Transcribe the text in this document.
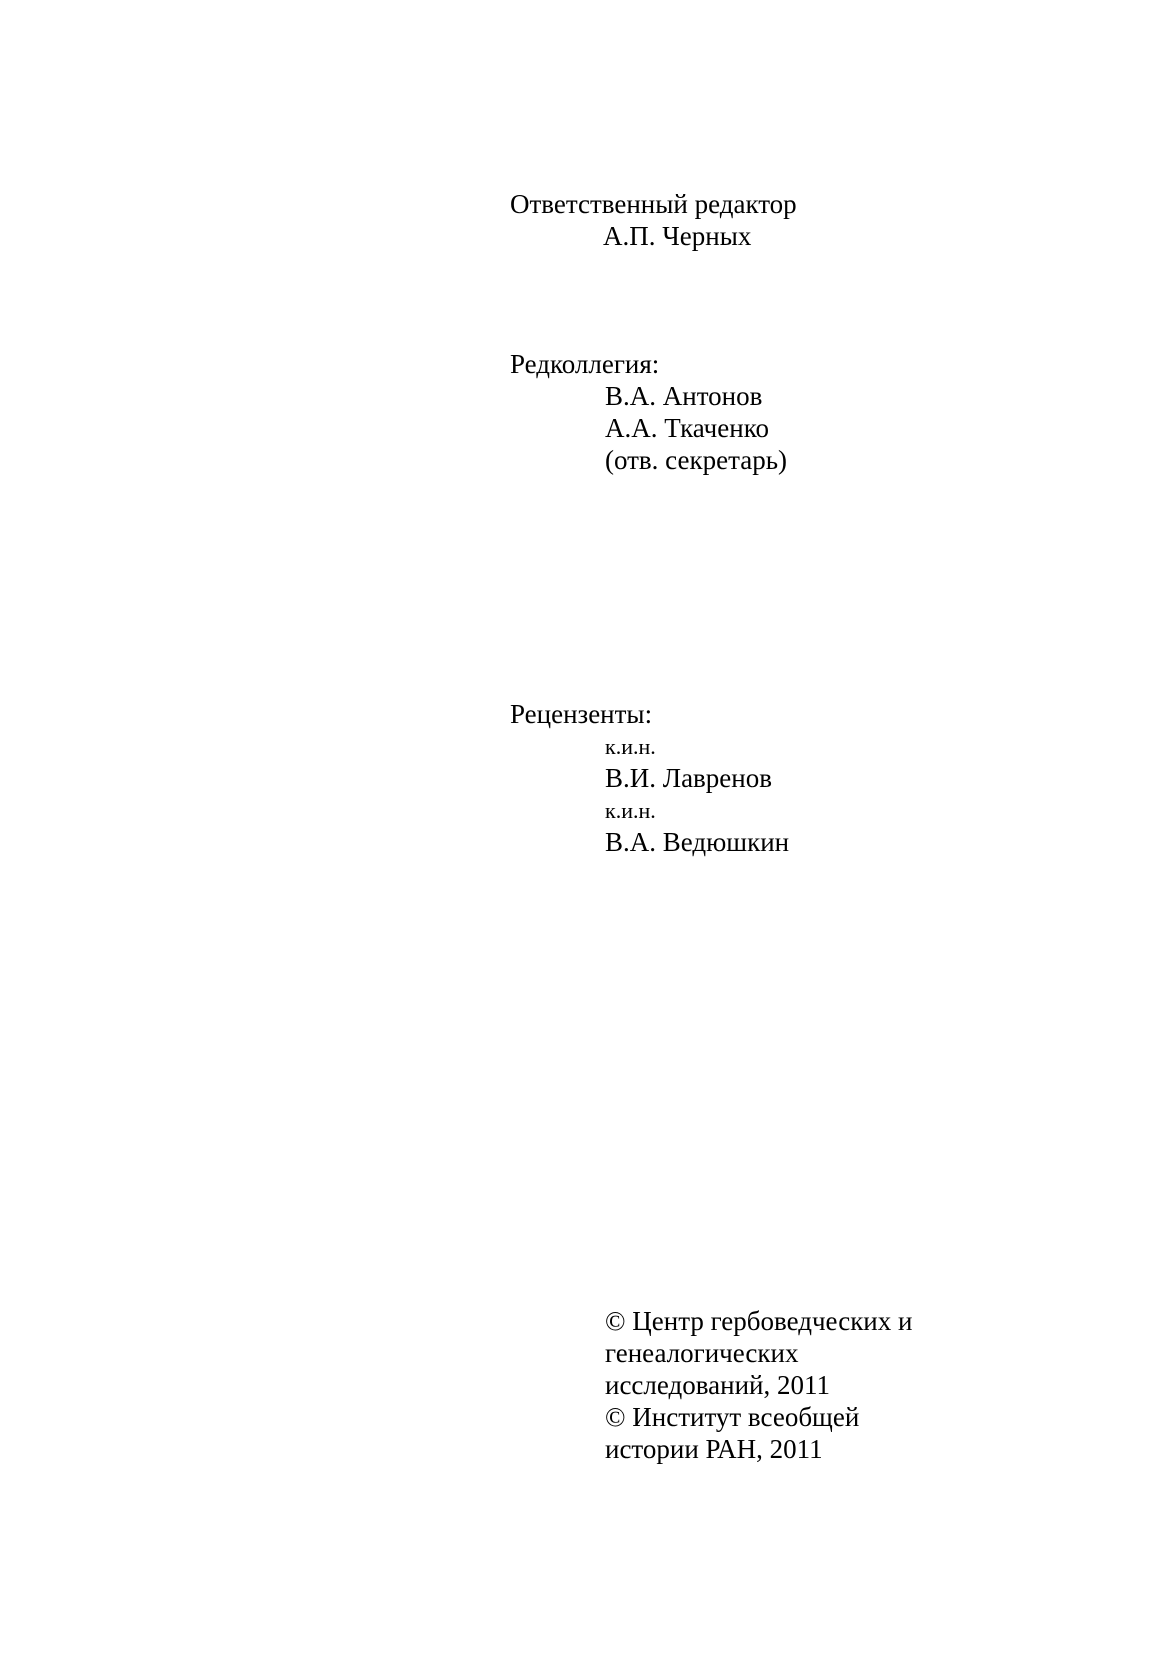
Ответственный редактор
А.П. Черных
Редколлегия:
В.А. Антонов
А.А. Ткаченко
(отв. секретарь)
Рецензенты:
к.и.н.
В.И. Лавренов
к.и.н.
В.А. Ведюшкин
© Центр гербоведческих и
генеалогических
исследований, 2011
© Институт всеобщей
истории РАН, 2011
